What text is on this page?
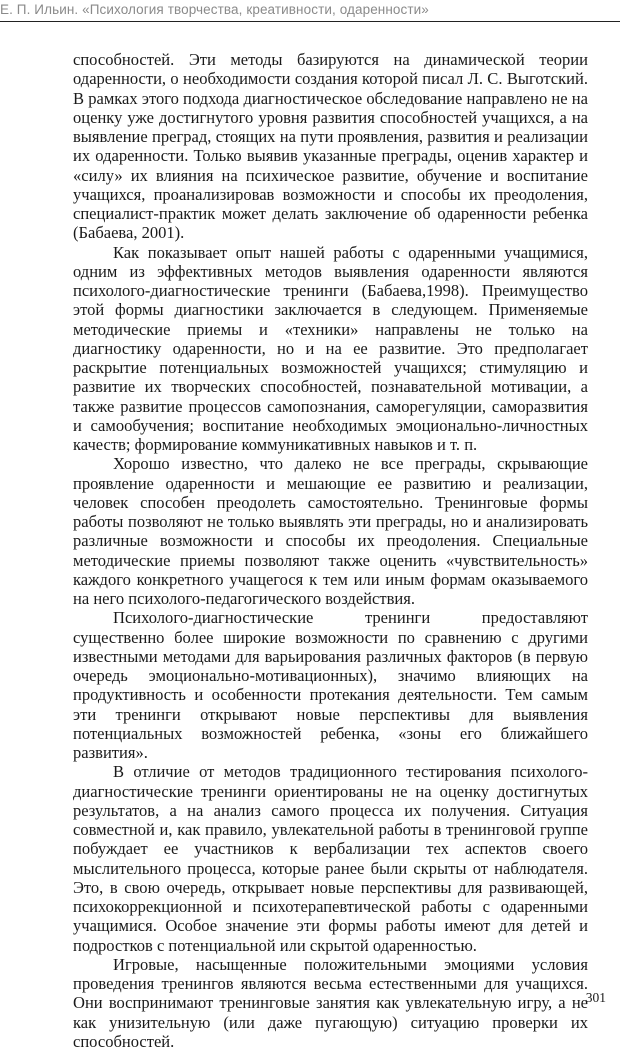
Е. П. Ильин. «Психология творчества, креативности, одаренности»

способностей. Эти методы базируются на динамической теории одаренности, о необходимости создания которой писал Л. С. Выготский. В рамках этого подхода диагностическое обследование направлено не на оценку уже достигнутого уровня развития способностей учащихся, а на выявление преград, стоящих на пути проявления, развития и реализации их одаренности. Только выявив указанные преграды, оценив характер и «силу» их влияния на психическое развитие, обучение и воспитание учащихся, проанализировав возможности и способы их преодоления, специалист-практик может делать заключение об одаренности ребенка (Бабаева, 2001).

Как показывает опыт нашей работы с одаренными учащимися, одним из эффективных методов выявления одаренности являются психолого-диагностические тренинги (Бабаева,1998). Преимущество этой формы диагностики заключается в следующем. Применяемые методические приемы и «техники» направлены не только на диагностику одаренности, но и на ее развитие. Это предполагает раскрытие потенциальных возможностей учащихся; стимуляцию и развитие их творческих способностей, познавательной мотивации, а также развитие процессов самопознания, саморегуляции, саморазвития и самообучения; воспитание необходимых эмоционально-личностных качеств; формирование коммуникативных навыков и т. п.

Хорошо известно, что далеко не все преграды, скрывающие проявление одаренности и мешающие ее развитию и реализации, человек способен преодолеть самостоятельно. Тренинговые формы работы позволяют не только выявлять эти преграды, но и анализировать различные возможности и способы их преодоления. Специальные методические приемы позволяют также оценить «чувствительность» каждого конкретного учащегося к тем или иным формам оказываемого на него психолого-педагогического воздействия.

Психолого-диагностические тренинги предоставляют существенно более широкие возможности по сравнению с другими известными методами для варьирования различных факторов (в первую очередь эмоционально-мотивационных), значимо влияющих на продуктивность и особенности протекания деятельности. Тем самым эти тренинги открывают новые перспективы для выявления потенциальных возможностей ребенка, «зоны его ближайшего развития».

В отличие от методов традиционного тестирования психолого-диагностические тренинги ориентированы не на оценку достигнутых результатов, а на анализ самого процесса их получения. Ситуация совместной и, как правило, увлекательной работы в тренинговой группе побуждает ее участников к вербализации тех аспектов своего мыслительного процесса, которые ранее были скрыты от наблюдателя. Это, в свою очередь, открывает новые перспективы для развивающей, психокоррекционной и психотерапевтической работы с одаренными учащимися. Особое значение эти формы работы имеют для детей и подростков с потенциальной или скрытой одаренностью.

Игровые, насыщенные положительными эмоциями условия проведения тренингов являются весьма естественными для учащихся. Они воспринимают тренинговые занятия как увлекательную игру, а не как унизительную (или даже пугающую) ситуацию проверки их способностей.

301
